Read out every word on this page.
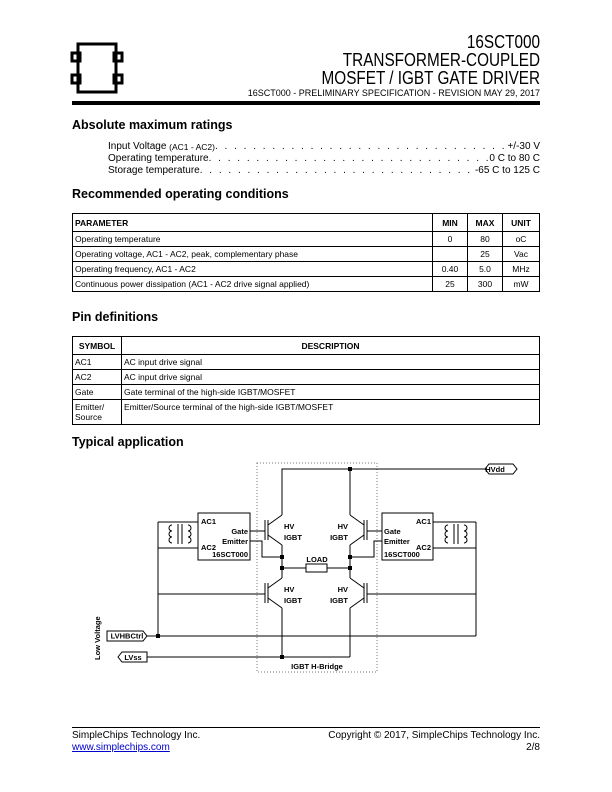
16SCT000
TRANSFORMER-COUPLED
MOSFET / IGBT GATE DRIVER
16SCT000 - PRELIMINARY SPECIFICATION - REVISION MAY 29, 2017
Absolute maximum ratings
Input Voltage
(AC1 - AC2) . . .	+/-30 V
Operating temperature . . .	0 C to 80 C
Storage temperature . . .	-65 C to 125 C
Recommended operating conditions
PARAMETER	MIN	MAX	UNIT
Operating temperature	0	80	oC
Operating voltage, AC1 - AC2, peak, complementary phase		25	Vac
Operating frequency, AC1 - AC2	0.40	5.0	MHz
Continuous power dissipation (AC1 - AC2 drive signal applied)	25	300	mW
Pin definitions
SYMBOL	DESCRIPTION
AC1	AC input drive signal
AC2	AC input drive signal
Gate	Gate terminal of the high-side IGBT/MOSFET
Emitter/ Source	Emitter/Source terminal of the high-side IGBT/MOSFET
Typical application
HVdd
LVHBCtrl
LVss
Low Voltage
IGBT H-Bridge
LOAD
HV
IGBT
HV
IGBT
HV
IGBT
HV
IGBT
AC1
AC2
Gate
Emitter
16SCT000
AC1
AC2
Gate
Emitter
16SCT000
SimpleChips Technology Inc.
www.simplechips.com
Copyright © 2017, SimpleChips Technology Inc.
2/8
